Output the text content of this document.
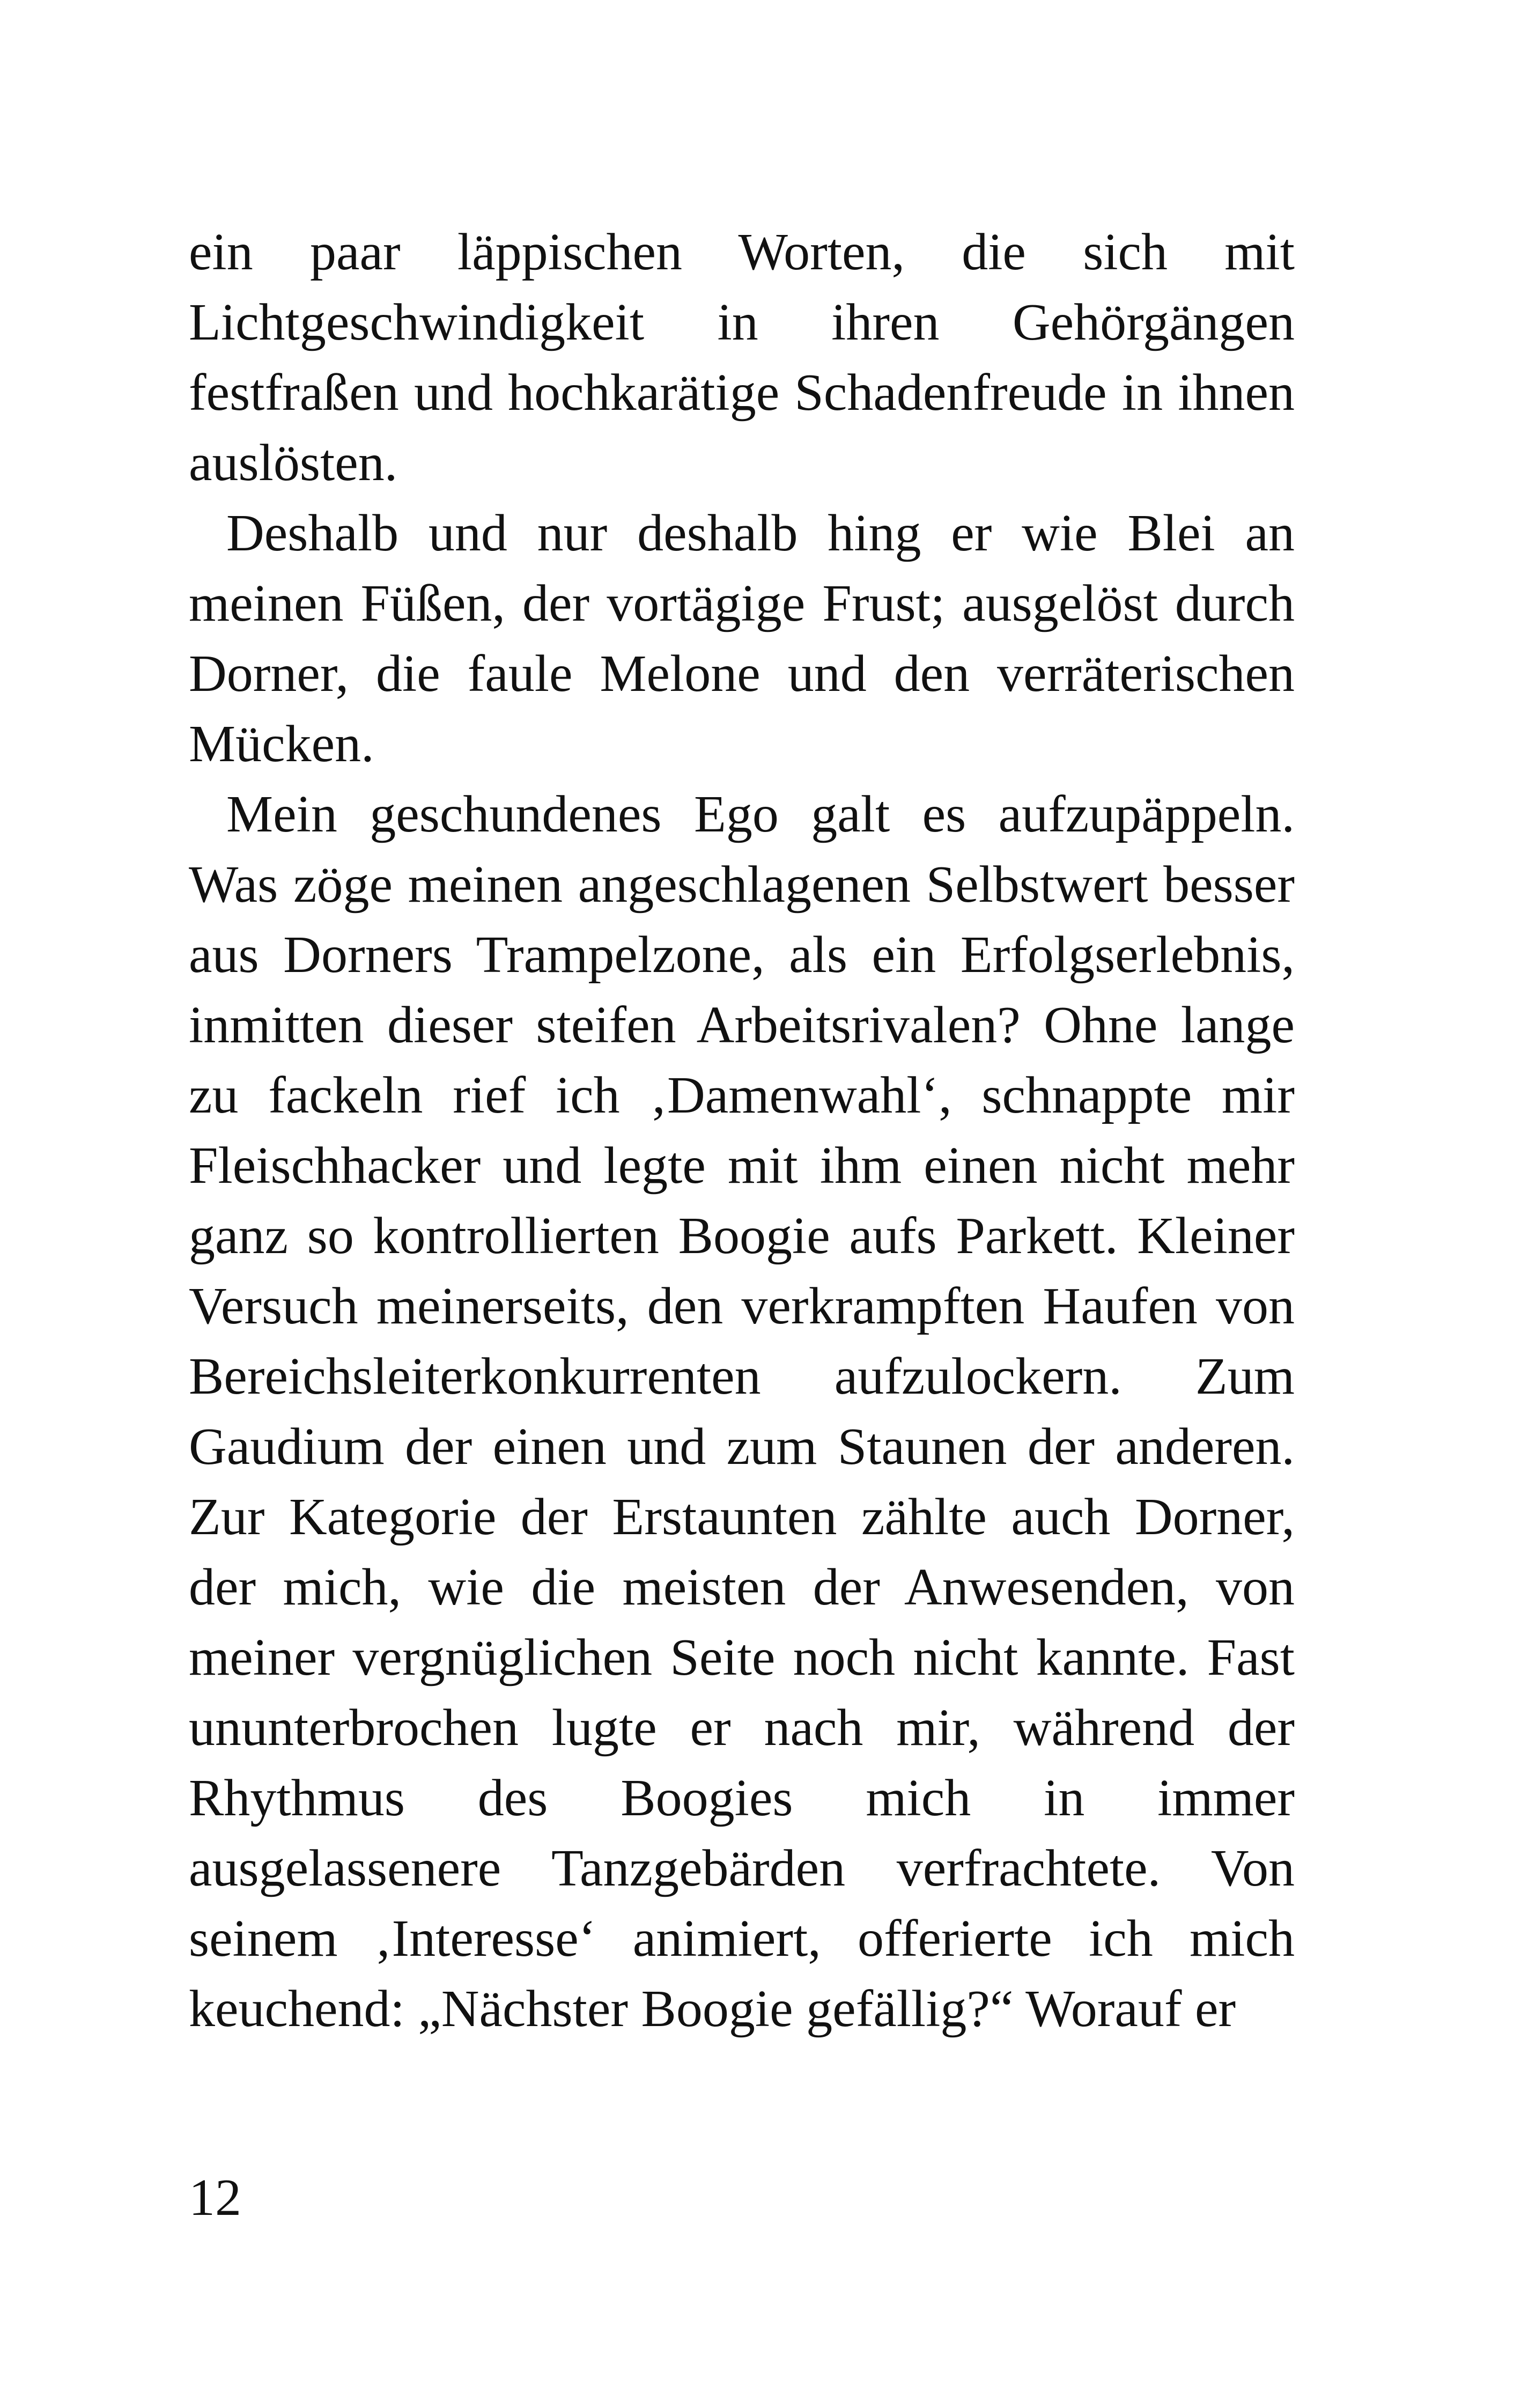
ein paar läppischen Worten, die sich mit Lichtgeschwindigkeit in ihren Gehörgängen festfraßen und hochkarätige Schadenfreude in ihnen auslösten.

Deshalb und nur deshalb hing er wie Blei an meinen Füßen, der vortägige Frust; ausgelöst durch Dorner, die faule Melone und den verräterischen Mücken.

Mein geschundenes Ego galt es aufzupäppeln. Was zöge meinen angeschlagenen Selbstwert besser aus Dorners Trampelzone, als ein Erfolgserlebnis, inmitten dieser steifen Arbeitsrivalen? Ohne lange zu fackeln rief ich ‚Damenwahl‘, schnappte mir Fleischhacker und legte mit ihm einen nicht mehr ganz so kontrollierten Boogie aufs Parkett. Kleiner Versuch meinerseits, den verkrampften Haufen von Bereichsleiterkonkurrenten aufzulockern. Zum Gaudium der einen und zum Staunen der anderen. Zur Kategorie der Erstaunten zählte auch Dorner, der mich, wie die meisten der Anwesenden, von meiner vergnüglichen Seite noch nicht kannte. Fast ununterbrochen lugte er nach mir, während der Rhythmus des Boogies mich in immer ausgelassenere Tanzgebärden verfrachtete. Von seinem ‚Interesse‘ animiert, offerierte ich mich keuchend: „Nächster Boogie gefällig?“ Worauf er

12
